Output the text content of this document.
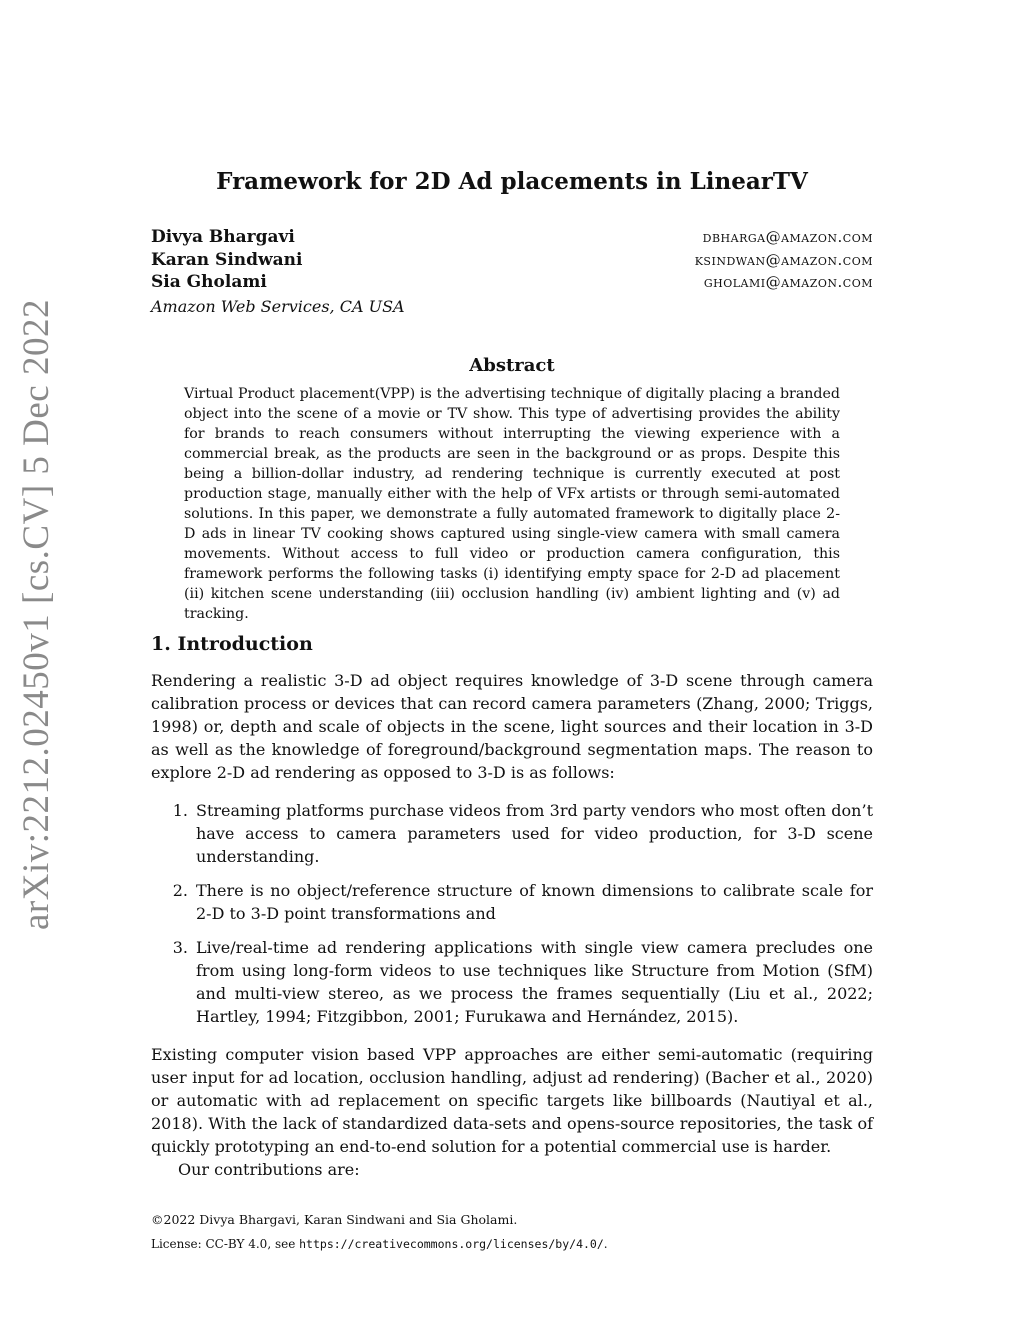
arXiv:2212.02450v1 [cs.CV] 5 Dec 2022
Framework for 2D Ad placements in LinearTV
Divya Bhargavi	dbharga@amazon.com
Karan Sindwani	ksindwan@amazon.com
Sia Gholami	gholami@amazon.com
Amazon Web Services, CA USA
Abstract
Virtual Product placement(VPP) is the advertising technique of digitally placing a branded object into the scene of a movie or TV show. This type of advertising provides the ability for brands to reach consumers without interrupting the viewing experience with a commercial break, as the products are seen in the background or as props. Despite this being a billion-dollar industry, ad rendering technique is currently executed at post production stage, manually either with the help of VFx artists or through semi-automated solutions. In this paper, we demonstrate a fully automated framework to digitally place 2-D ads in linear TV cooking shows captured using single-view camera with small camera movements. Without access to full video or production camera configuration, this framework performs the following tasks (i) identifying empty space for 2-D ad placement (ii) kitchen scene understanding (iii) occlusion handling (iv) ambient lighting and (v) ad tracking.
1. Introduction
Rendering a realistic 3-D ad object requires knowledge of 3-D scene through camera calibration process or devices that can record camera parameters (Zhang, 2000; Triggs, 1998) or, depth and scale of objects in the scene, light sources and their location in 3-D as well as the knowledge of foreground/background segmentation maps. The reason to explore 2-D ad rendering as opposed to 3-D is as follows:
1. Streaming platforms purchase videos from 3rd party vendors who most often don’t have access to camera parameters used for video production, for 3-D scene understanding.
2. There is no object/reference structure of known dimensions to calibrate scale for 2-D to 3-D point transformations and
3. Live/real-time ad rendering applications with single view camera precludes one from using long-form videos to use techniques like Structure from Motion (SfM) and multi-view stereo, as we process the frames sequentially (Liu et al., 2022; Hartley, 1994; Fitzgibbon, 2001; Furukawa and Hernández, 2015).
Existing computer vision based VPP approaches are either semi-automatic (requiring user input for ad location, occlusion handling, adjust ad rendering) (Bacher et al., 2020) or automatic with ad replacement on specific targets like billboards (Nautiyal et al., 2018). With the lack of standardized data-sets and opens-source repositories, the task of quickly prototyping an end-to-end solution for a potential commercial use is harder.
Our contributions are:
©2022 Divya Bhargavi, Karan Sindwani and Sia Gholami.
License: CC-BY 4.0, see https://creativecommons.org/licenses/by/4.0/.
